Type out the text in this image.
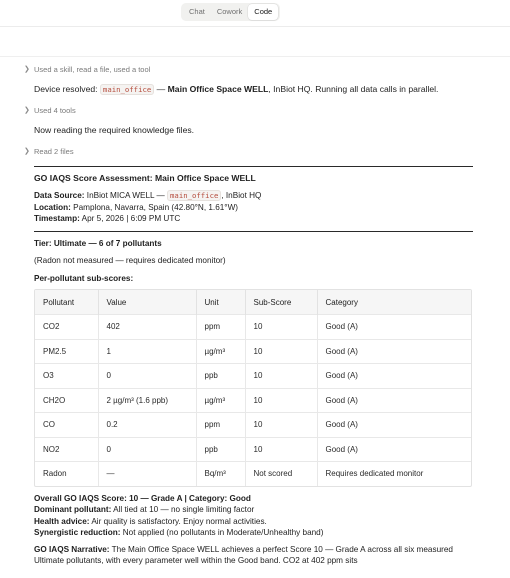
Chat	Cowork	Code
❯ Used a skill, read a file, used a tool
Device resolved: main_office — Main Office Space WELL, InBiot HQ. Running all data calls in parallel.
❯ Used 4 tools
Now reading the required knowledge files.
❯ Read 2 files
GO IAQS Score Assessment: Main Office Space WELL
Data Source: InBiot MICA WELL — main_office , InBiot HQ
Location: Pamplona, Navarra, Spain (42.80°N, 1.61°W)
Timestamp: Apr 5, 2026 | 6:09 PM UTC
Tier: Ultimate — 6 of 7 pollutants
(Radon not measured — requires dedicated monitor)
Per-pollutant sub-scores:
Pollutant	Value	Unit	Sub-Score	Category
CO2	402	ppm	10	Good (A)
PM2.5	1	µg/m³	10	Good (A)
O3	0	ppb	10	Good (A)
CH2O	2 µg/m³ (1.6 ppb)	µg/m³	10	Good (A)
CO	0.2	ppm	10	Good (A)
NO2	0	ppb	10	Good (A)
Radon	—	Bq/m³	Not scored	Requires dedicated monitor
Overall GO IAQS Score: 10 — Grade A | Category: Good
Dominant pollutant: All tied at 10 — no single limiting factor
Health advice: Air quality is satisfactory. Enjoy normal activities.
Synergistic reduction: Not applied (no pollutants in Moderate/Unhealthy band)
GO IAQS Narrative: The Main Office Space WELL achieves a perfect Score 10 — Grade A across all six measured Ultimate pollutants, with every parameter well within the Good band. CO2 at 402 ppm sits
